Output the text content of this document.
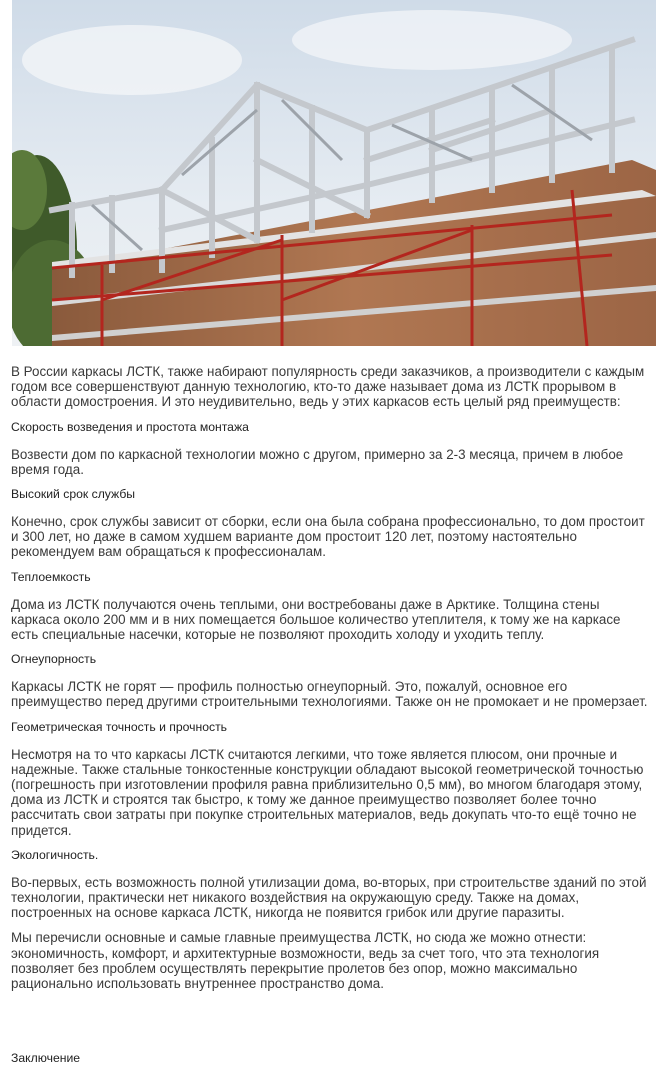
В России каркасы ЛСТК, также набирают популярность среди заказчиков, а производители с каждым годом все совершенствуют данную технологию, кто-то даже называет дома из ЛСТК прорывом в области домостроения. И это неудивительно, ведь у этих каркасов есть целый ряд преимуществ:

Скорость возведения и простота монтажа

Возвести дом по каркасной технологии можно с другом, примерно за 2-3 месяца, причем в любое время года.

Высокий срок службы

Конечно, срок службы зависит от сборки, если она была собрана профессионально, то дом простоит и 300 лет, но даже в самом худшем варианте дом простоит 120 лет, поэтому настоятельно рекомендуем вам обращаться к профессионалам.

Теплоемкость

Дома из ЛСТК получаются очень теплыми, они востребованы даже в Арктике. Толщина стены каркаса около 200 мм и в них помещается большое количество утеплителя, к тому же на каркасе есть специальные насечки, которые не позволяют проходить холоду и уходить теплу.

Огнеупорность

Каркасы ЛСТК не горят — профиль полностью огнеупорный. Это, пожалуй, основное его преимущество перед другими строительными технологиями. Также он не промокает и не промерзает.

Геометрическая точность и прочность

Несмотря на то что каркасы ЛСТК считаются легкими, что тоже является плюсом, они прочные и надежные. Также стальные тонкостенные конструкции обладают высокой геометрической точностью (погрешность при изготовлении профиля равна приблизительно 0,5 мм), во многом благодаря этому, дома из ЛСТК и строятся так быстро, к тому же данное преимущество позволяет более точно рассчитать свои затраты при покупке строительных материалов, ведь докупать что-то ещё точно не придется.

Экологичность.

Во-первых, есть возможность полной утилизации дома, во-вторых, при строительстве зданий по этой технологии, практически нет никакого воздействия на окружающую среду. Также на домах, построенных на основе каркаса ЛСТК, никогда не появится грибок или другие паразиты.

Мы перечисли основные и самые главные преимущества ЛСТК, но сюда же можно отнести: экономичность, комфорт, и архитектурные возможности, ведь за счет того, что эта технология позволяет без проблем осуществлять перекрытие пролетов без опор, можно максимально рационально использовать внутреннее пространство дома.

Заключение
